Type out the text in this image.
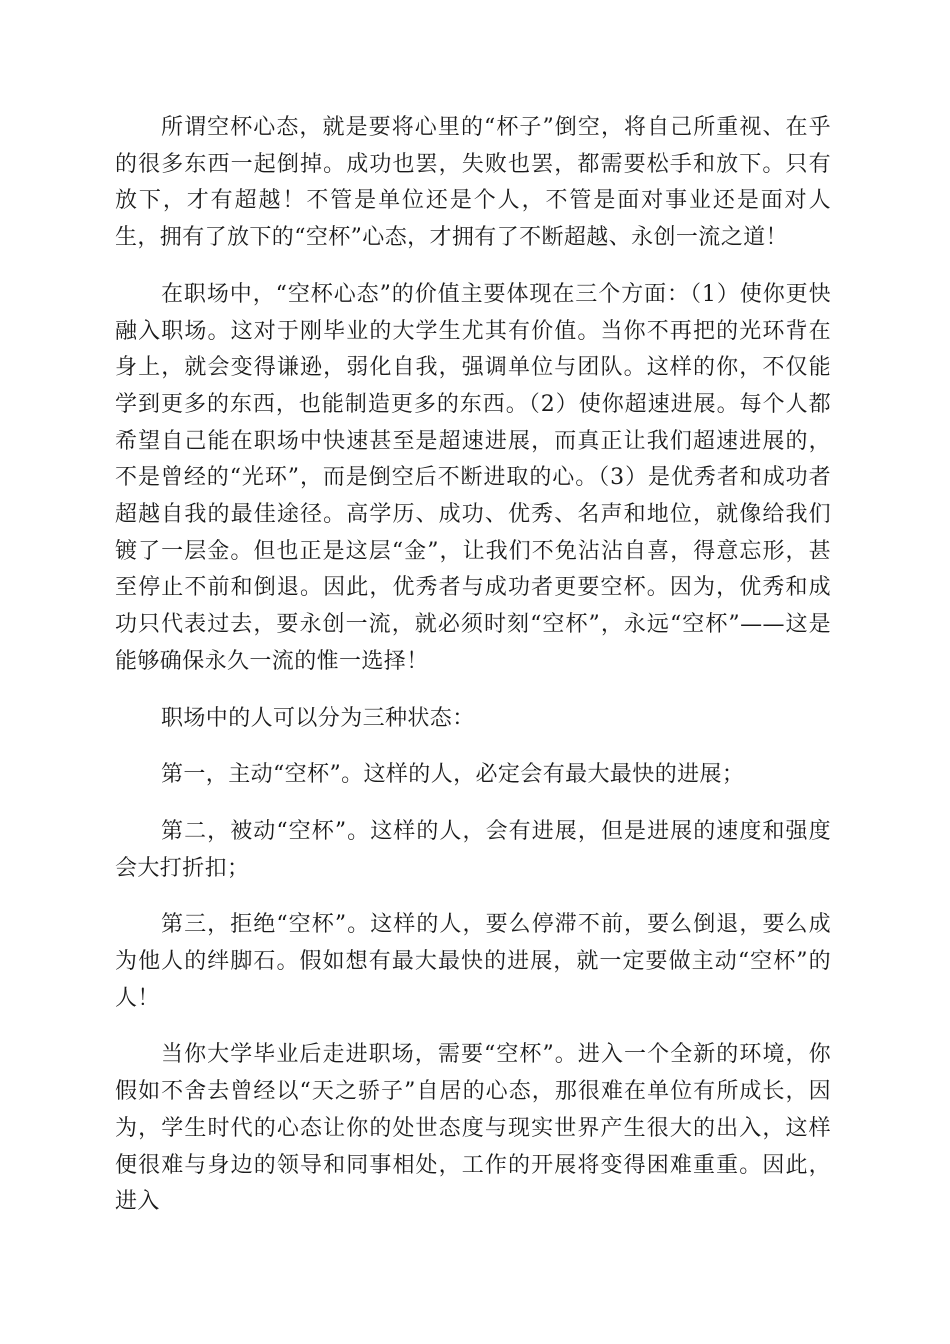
所谓空杯心态，就是要将心里的“杯子”倒空，将自己所重视、在乎的很多东西一起倒掉。成功也罢，失败也罢，都需要松手和放下。只有放下，才有超越！不管是单位还是个人，不管是面对事业还是面对人生，拥有了放下的“空杯”心态，才拥有了不断超越、永创一流之道！

在职场中，“空杯心态”的价值主要体现在三个方面：（1）使你更快融入职场。这对于刚毕业的大学生尤其有价值。当你不再把的光环背在身上，就会变得谦逊，弱化自我，强调单位与团队。这样的你，不仅能学到更多的东西，也能制造更多的东西。（2）使你超速进展。每个人都希望自己能在职场中快速甚至是超速进展，而真正让我们超速进展的，不是曾经的“光环”，而是倒空后不断进取的心。（3）是优秀者和成功者超越自我的最佳途径。高学历、成功、优秀、名声和地位，就像给我们镀了一层金。但也正是这层“金”，让我们不免沾沾自喜，得意忘形，甚至停止不前和倒退。因此，优秀者与成功者更要空杯。因为，优秀和成功只代表过去，要永创一流，就必须时刻“空杯”，永远“空杯”——这是能够确保永久一流的惟一选择！

职场中的人可以分为三种状态：

第一，主动“空杯”。这样的人，必定会有最大最快的进展；

第二，被动“空杯”。这样的人，会有进展，但是进展的速度和强度会大打折扣；

第三，拒绝“空杯”。这样的人，要么停滞不前，要么倒退，要么成为他人的绊脚石。假如想有最大最快的进展，就一定要做主动“空杯”的人！

当你大学毕业后走进职场，需要“空杯”。进入一个全新的环境，你假如不舍去曾经以“天之骄子”自居的心态，那很难在单位有所成长，因为，学生时代的心态让你的处世态度与现实世界产生很大的出入，这样便很难与身边的领导和同事相处，工作的开展将变得困难重重。因此，进入
